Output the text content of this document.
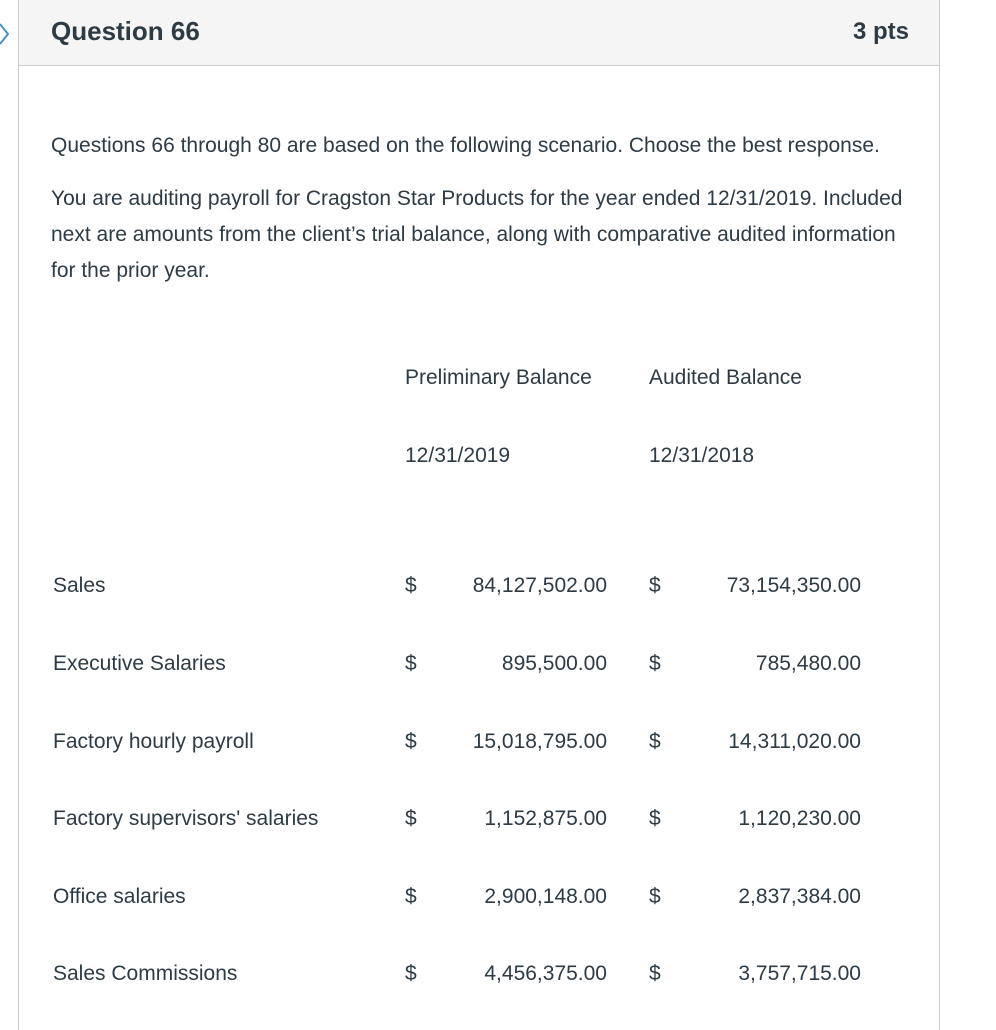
Question 66	3 pts

Questions 66 through 80 are based on the following scenario. Choose the best response.

You are auditing payroll for Cragston Star Products for the year ended 12/31/2019. Included next are amounts from the client’s trial balance, along with comparative audited information for the prior year.

Preliminary Balance	Audited Balance
12/31/2019	12/31/2018
Sales	$	84,127,502.00 $	73,154,350.00
Executive Salaries	$	895,500.00 $	785,480.00
Factory hourly payroll	$	15,018,795.00 $	14,311,020.00
Factory supervisors' salaries	$	1,152,875.00 $	1,120,230.00
Office salaries	$	2,900,148.00 $	2,837,384.00
Sales Commissions	$	4,456,375.00 $	3,757,715.00
